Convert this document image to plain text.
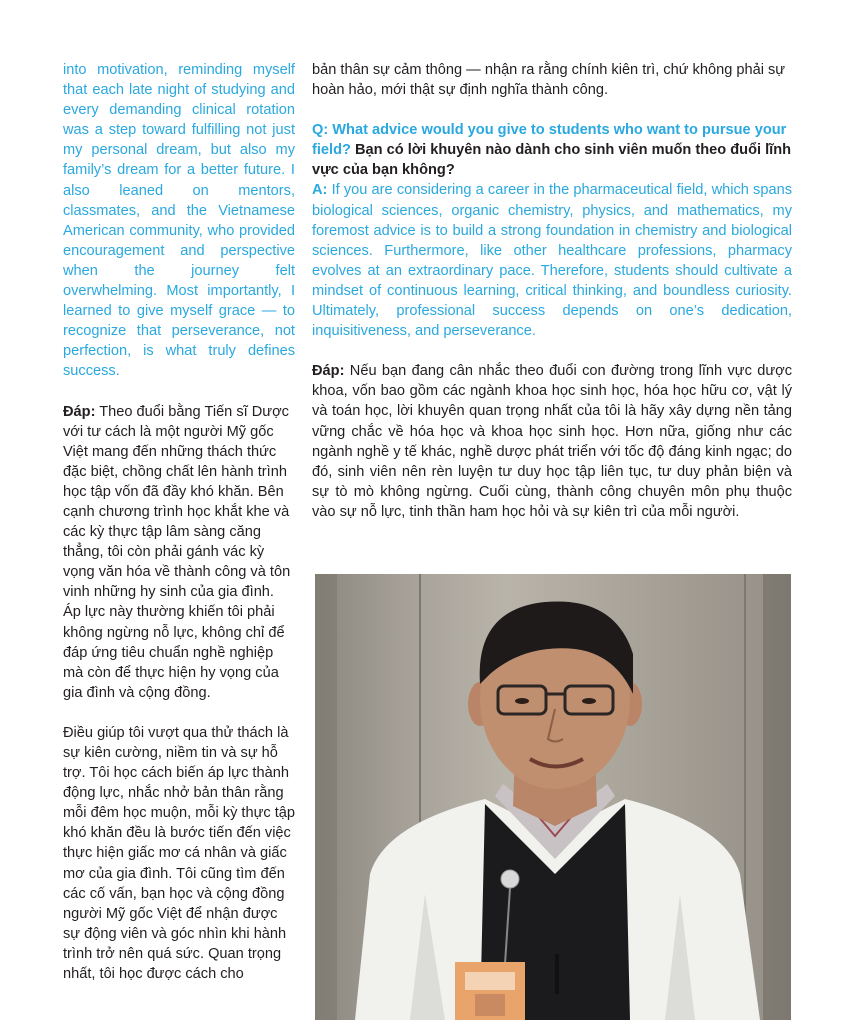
into motivation, reminding myself that each late night of studying and every demanding clinical rotation was a step toward fulfilling not just my personal dream, but also my family’s dream for a better future. I also leaned on mentors, classmates, and the Vietnamese American community, who provided encouragement and perspective when the journey felt overwhelming. Most importantly, I learned to give myself grace — to recognize that perseverance, not perfection, is what truly defines success.

Đáp: Theo đuổi bằng Tiến sĩ Dược với tư cách là một người Mỹ gốc Việt mang đến những thách thức đặc biệt, chồng chất lên hành trình học tập vốn đã đầy khó khăn. Bên cạnh chương trình học khắt khe và các kỳ thực tập lâm sàng căng thẳng, tôi còn phải gánh vác kỳ vọng văn hóa về thành công và tôn vinh những hy sinh của gia đình. Áp lực này thường khiến tôi phải không ngừng nỗ lực, không chỉ để đáp ứng tiêu chuẩn nghề nghiệp mà còn để thực hiện hy vọng của gia đình và cộng đồng.

Điều giúp tôi vượt qua thử thách là sự kiên cường, niềm tin và sự hỗ trợ. Tôi học cách biến áp lực thành động lực, nhắc nhở bản thân rằng mỗi đêm học muộn, mỗi kỳ thực tập khó khăn đều là bước tiến đến việc thực hiện giấc mơ cá nhân và giấc mơ của gia đình. Tôi cũng tìm đến các cố vấn, bạn học và cộng đồng người Mỹ gốc Việt để nhận được sự động viên và góc nhìn khi hành trình trở nên quá sức. Quan trọng nhất, tôi học được cách cho

bản thân sự cảm thông — nhận ra rằng chính kiên trì, chứ không phải sự hoàn hảo, mới thật sự định nghĩa thành công.

Q: What advice would you give to students who want to pursue your field? Bạn có lời khuyên nào dành cho sinh viên muốn theo đuổi lĩnh vực của bạn không?

A: If you are considering a career in the pharmaceutical field, which spans biological sciences, organic chemistry, physics, and mathematics, my foremost advice is to build a strong foundation in chemistry and biological sciences. Furthermore, like other healthcare professions, pharmacy evolves at an extraordinary pace. Therefore, students should cultivate a mindset of continuous learning, critical thinking, and boundless curiosity. Ultimately, professional success depends on one’s dedication, inquisitiveness, and perseverance.

Đáp: Nếu bạn đang cân nhắc theo đuổi con đường trong lĩnh vực dược khoa, vốn bao gồm các ngành khoa học sinh học, hóa học hữu cơ, vật lý và toán học, lời khuyên quan trọng nhất của tôi là hãy xây dựng nền tảng vững chắc về hóa học và khoa học sinh học. Hơn nữa, giống như các ngành nghề y tế khác, nghề dược phát triển với tốc độ đáng kinh ngạc; do đó, sinh viên nên rèn luyện tư duy học tập liên tục, tư duy phản biện và sự tò mò không ngừng. Cuối cùng, thành công chuyên môn phụ thuộc vào sự nỗ lực, tinh thần ham học hỏi và sự kiên trì của mỗi người.
